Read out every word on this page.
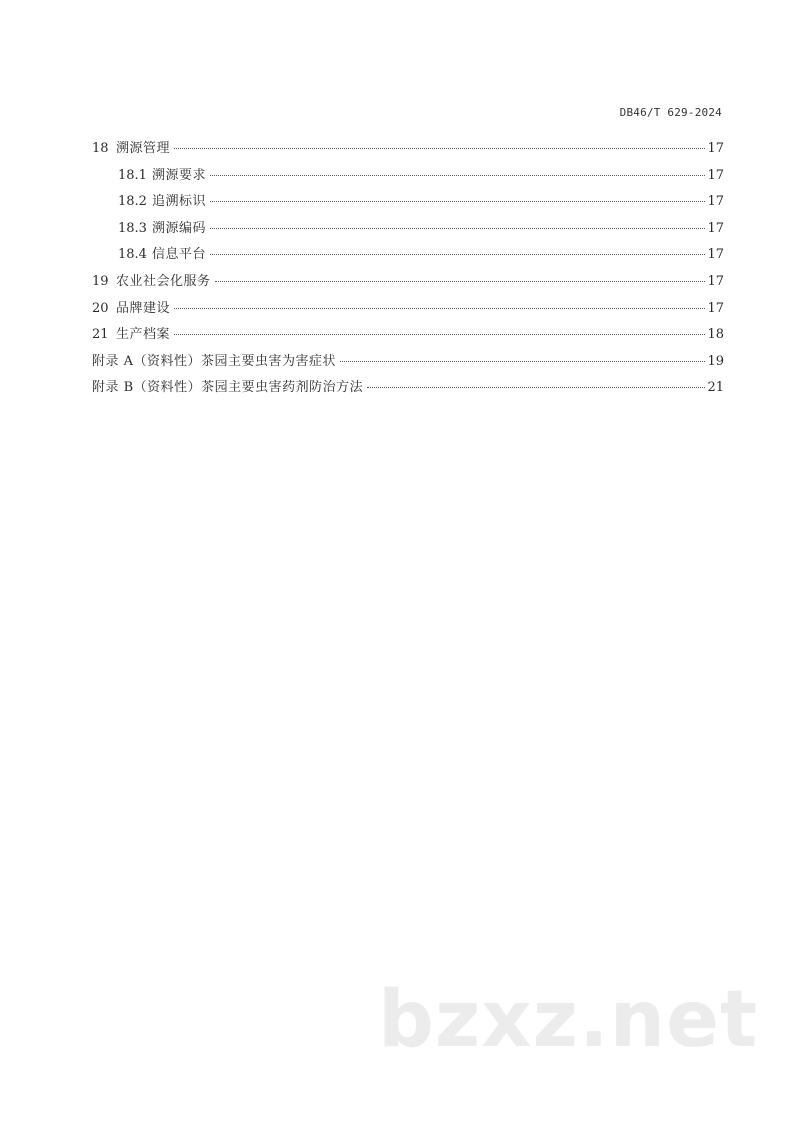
DB46/T 629-2024
18 溯源管理	17
18.1 溯源要求	17
18.2 追溯标识	17
18.3 溯源编码	17
18.4 信息平台	17
19 农业社会化服务	17
20 品牌建设	17
21 生产档案	18
附录 A（资料性）茶园主要虫害为害症状	19
附录 B（资料性）茶园主要虫害药剂防治方法	21
bzxz.net
